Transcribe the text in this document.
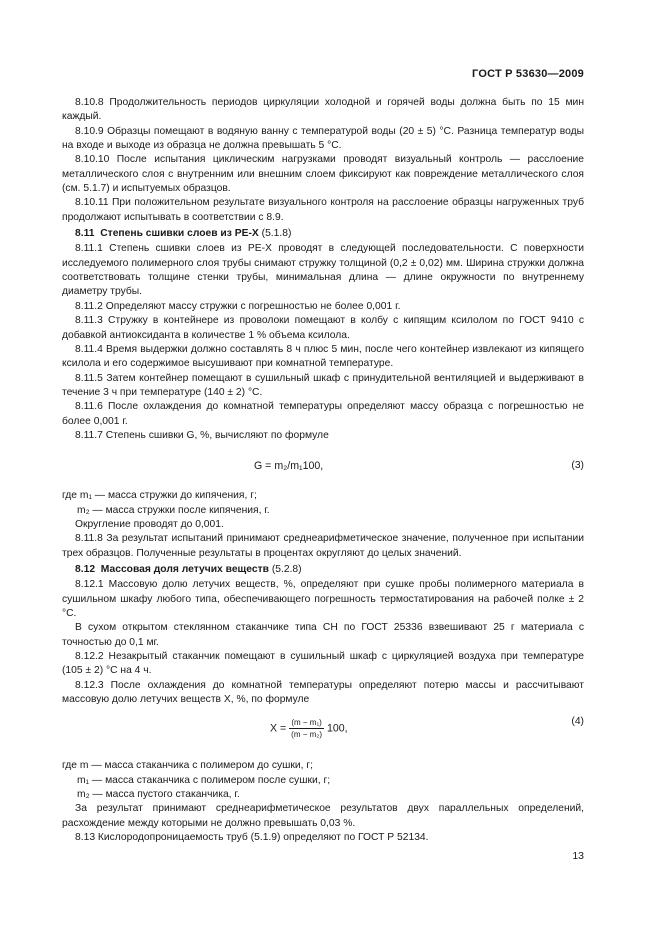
ГОСТ Р 53630—2009

8.10.8 Продолжительность периодов циркуляции холодной и горячей воды должна быть по 15 мин каждый.

8.10.9 Образцы помещают в водяную ванну с температурой воды (20 ± 5) °С. Разница температур воды на входе и выходе из образца не должна превышать 5 °С.

8.10.10 После испытания циклическим нагрузками проводят визуальный контроль — расслоение металлического слоя с внутренним или внешним слоем фиксируют как повреждение металлического слоя (см. 5.1.7) и испытуемых образцов.

8.10.11 При положительном результате визуального контроля на расслоение образцы нагруженных труб продолжают испытывать в соответствии с 8.9.

8.11 Степень сшивки слоев из РЕ-Х (5.1.8)

8.11.1 Степень сшивки слоев из РЕ-Х проводят в следующей последовательности. С поверхности исследуемого полимерного слоя трубы снимают стружку толщиной (0,2 ± 0,02) мм. Ширина стружки должна соответствовать толщине стенки трубы, минимальная длина — длине окружности по внутреннему диаметру трубы.

8.11.2 Определяют массу стружки с погрешностью не более 0,001 г.

8.11.3 Стружку в контейнере из проволоки помещают в колбу с кипящим ксилолом по ГОСТ 9410 с добавкой антиоксиданта в количестве 1 % объема ксилола.

8.11.4 Время выдержки должно составлять 8 ч плюс 5 мин, после чего контейнер извлекают из кипящего ксилола и его содержимое высушивают при комнатной температуре.

8.11.5 Затем контейнер помещают в сушильный шкаф с принудительной вентиляцией и выдерживают в течение 3 ч при температуре (140 ± 2) °С.

8.11.6 После охлаждения до комнатной температуры определяют массу образца с погрешностью не более 0,001 г.

8.11.7 Степень сшивки G, %, вычисляют по формуле

G = m₂/m₁100,	(3)

где m₁ — масса стружки до кипячения, г;

m₂ — масса стружки после кипячения, г.

Округление проводят до 0,001.

8.11.8 За результат испытаний принимают среднеарифметическое значение, полученное при испытании трех образцов. Полученные результаты в процентах округляют до целых значений.

8.12 Массовая доля летучих веществ (5.2.8)

8.12.1 Массовую долю летучих веществ, %, определяют при сушке пробы полимерного материала в сушильном шкафу любого типа, обеспечивающего погрешность термостатирования на рабочей полке ± 2 °С.

В сухом открытом стеклянном стаканчике типа СН по ГОСТ 25336 взвешивают 25 г материала с точностью до 0,1 мг.

8.12.2 Незакрытый стаканчик помещают в сушильный шкаф с циркуляцией воздуха при температуре (105 ± 2) °С на 4 ч.

8.12.3 После охлаждения до комнатной температуры определяют потерю массы и рассчитывают массовую долю летучих веществ X, %, по формуле

$X = \frac{\text{(m − m₁)}}{\text{(m − m₂)}} 100$,
(4)

где m — масса стаканчика с полимером до сушки, г;

m₁ — масса стаканчика с полимером после сушки, г;

m₂ — масса пустого стаканчика, г.

За результат принимают среднеарифметическое результатов двух параллельных определений, расхождение между которыми не должно превышать 0,03 %.

8.13 Кислородопроницаемость труб (5.1.9) определяют по ГОСТ Р 52134.

13
